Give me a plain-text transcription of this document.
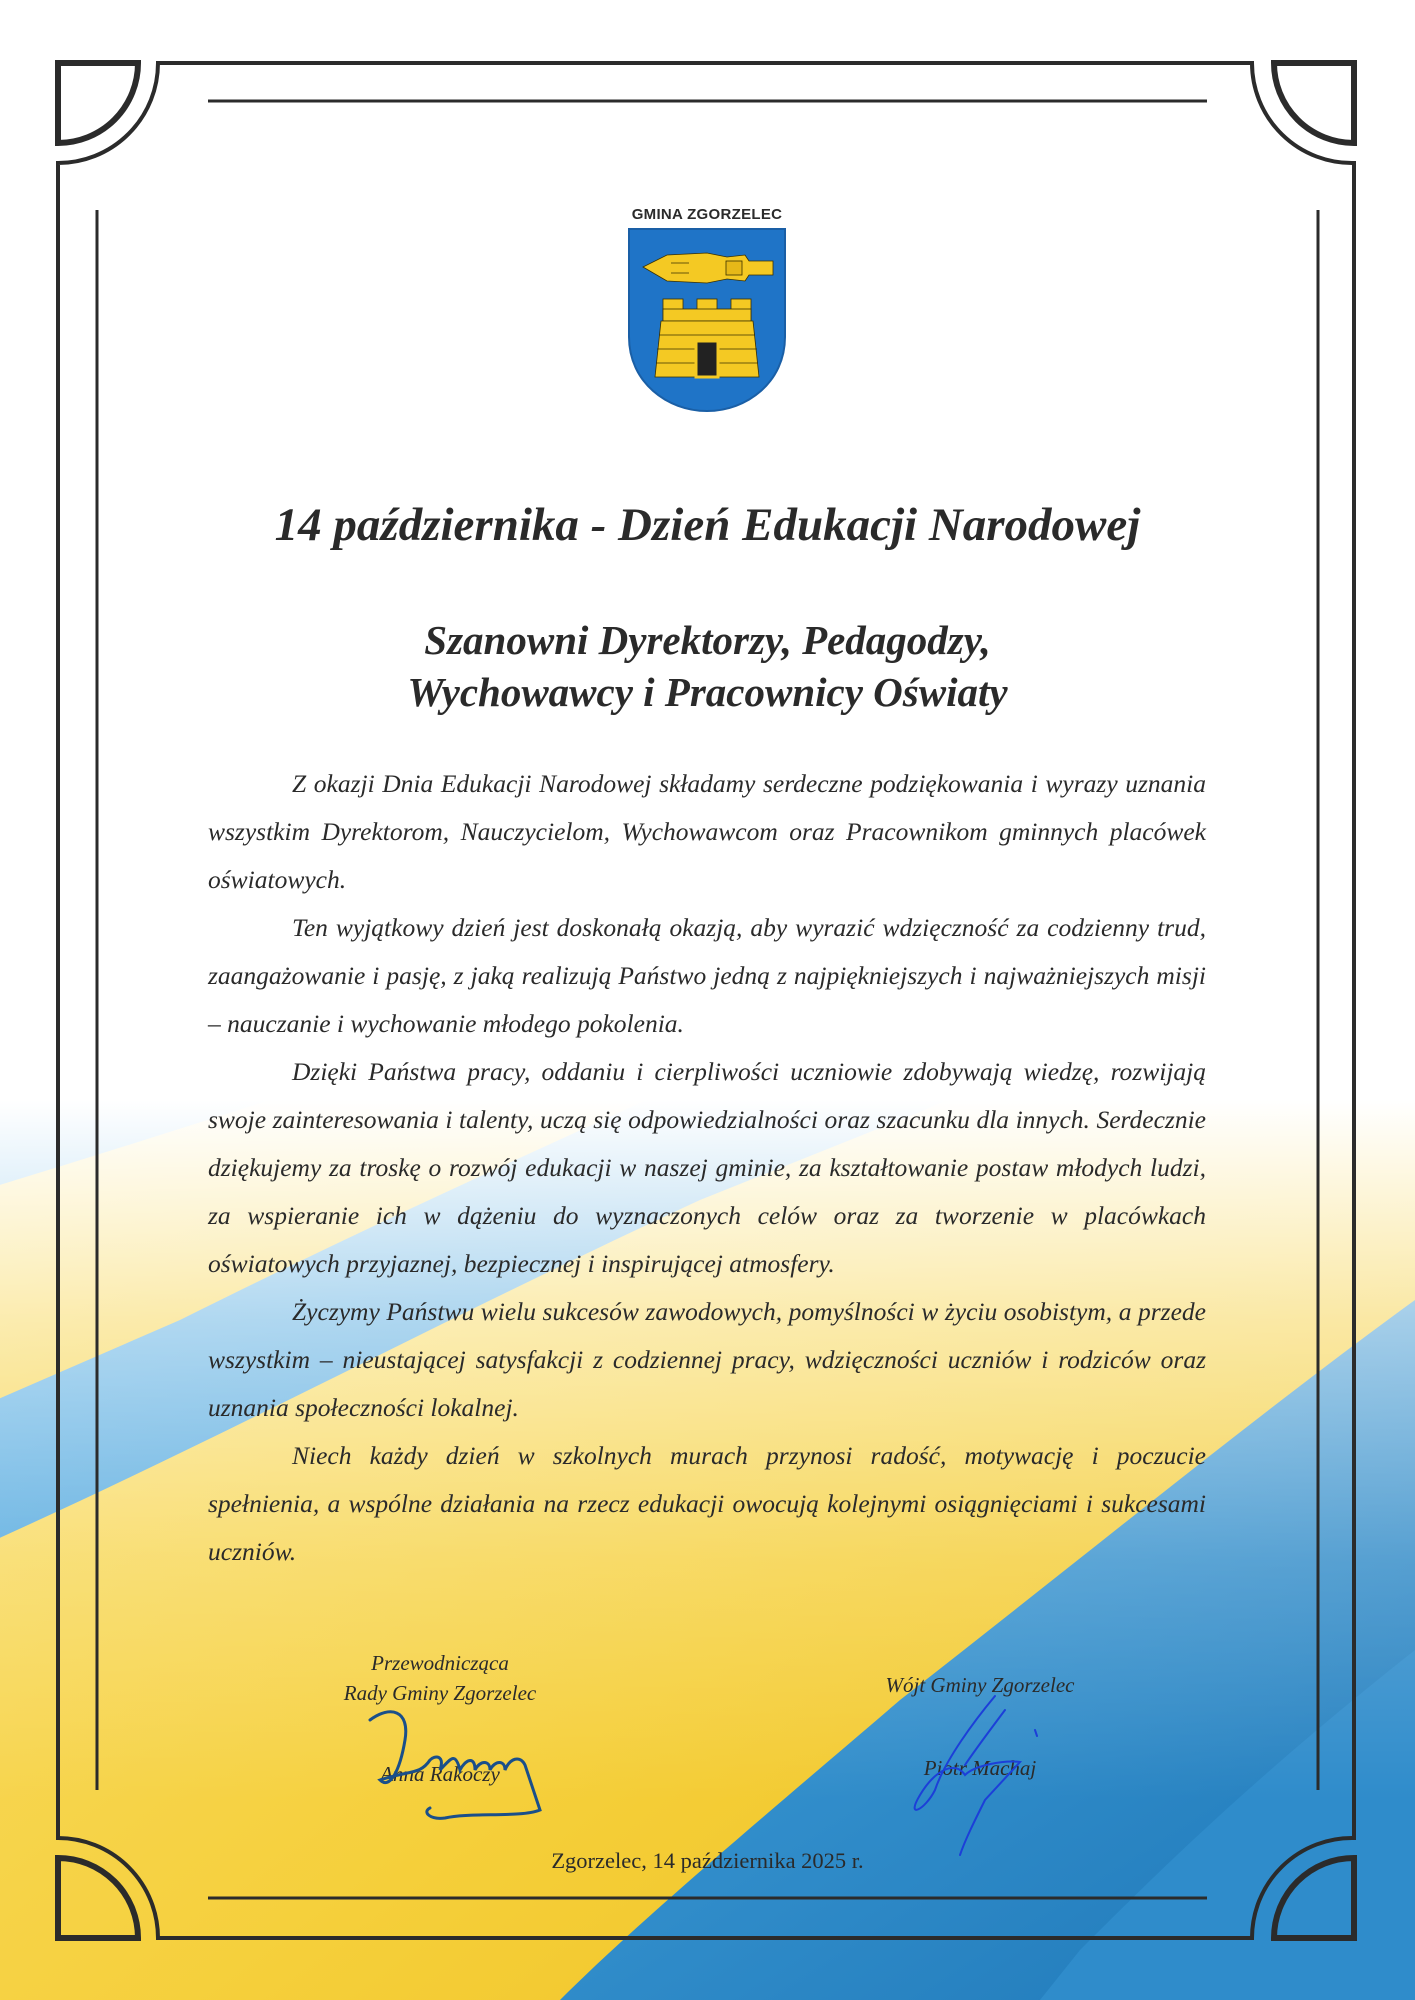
GMINA ZGORZELEC
14 października - Dzień Edukacji Narodowej
Szanowni Dyrektorzy, Pedagodzy,
Wychowawcy i Pracownicy Oświaty

Z okazji Dnia Edukacji Narodowej składamy serdeczne podziękowania i wyrazy uznania wszystkim Dyrektorom, Nauczycielom, Wychowawcom oraz Pracownikom gminnych placówek oświatowych.

Ten wyjątkowy dzień jest doskonałą okazją, aby wyrazić wdzięczność za codzienny trud, zaangażowanie i pasję, z jaką realizują Państwo jedną z najpiękniejszych i najważniejszych misji – nauczanie i wychowanie młodego pokolenia.

Dzięki Państwa pracy, oddaniu i cierpliwości uczniowie zdobywają wiedzę, rozwijają swoje zainteresowania i talenty, uczą się odpowiedzialności oraz szacunku dla innych. Serdecznie dziękujemy za troskę o rozwój edukacji w naszej gminie, za kształtowanie postaw młodych ludzi, za wspieranie ich w dążeniu do wyznaczonych celów oraz za tworzenie w placówkach oświatowych przyjaznej, bezpiecznej i inspirującej atmosfery.

Życzymy Państwu wielu sukcesów zawodowych, pomyślności w życiu osobistym, a przede wszystkim – nieustającej satysfakcji z codziennej pracy, wdzięczności uczniów i rodziców oraz uznania społeczności lokalnej.

Niech każdy dzień w szkolnych murach przynosi radość, motywację i poczucie spełnienia, a wspólne działania na rzecz edukacji owocują kolejnymi osiągnięciami i sukcesami uczniów.

Przewodnicząca
Rady Gminy Zgorzelec
Anna Rakoczy
Wójt Gminy Zgorzelec
Piotr Machaj
Zgorzelec, 14 października 2025 r.
